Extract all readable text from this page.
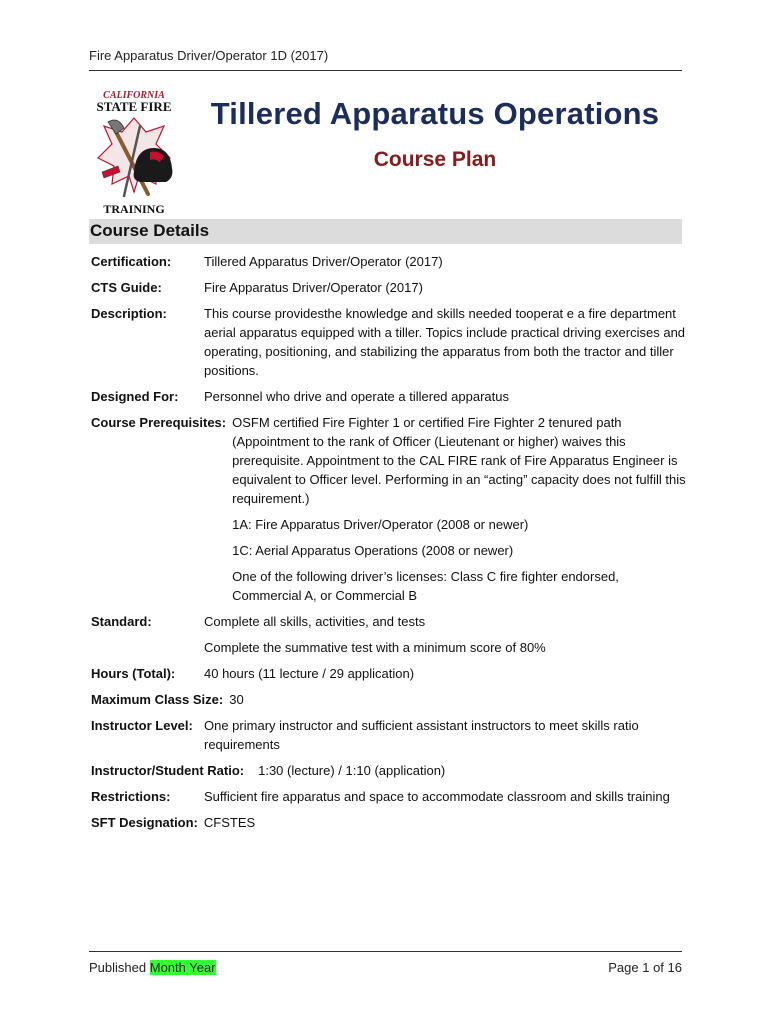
Fire Apparatus Driver/Operator 1D (2017)
CALIFORNIA
STATE FIRE
TRAINING
Tillered Apparatus Operations
Course Plan
Course Details
Certification:	Tillered Apparatus Driver/Operator (2017)
CTS Guide:	Fire Apparatus Driver/Operator (2017)
Description:	This course providesthe knowledge and skills needed tooperat e a fire department aerial apparatus equipped with a tiller. Topics include practical driving exercises and operating, positioning, and stabilizing the apparatus from both the tractor and tiller positions.
Designed For:	Personnel who drive and operate a tillered apparatus
Course Prerequisites: OSFM certified Fire Fighter 1 or certified Fire Fighter 2 tenured path (Appointment to the rank of Officer (Lieutenant or higher) waives this prerequisite. Appointment to the CAL FIRE rank of Fire Apparatus Engineer is equivalent to Officer level. Performing in an “acting” capacity does not fulfill this requirement.)

1A: Fire Apparatus Driver/Operator (2008 or newer)

1C: Aerial Apparatus Operations (2008 or newer)

One of the following driver’s licenses: Class C fire fighter endorsed, Commercial A, or Commercial B

Standard:	Complete all skills, activities, and tests

Complete the summative test with a minimum score of 80%

Hours (Total):	40 hours (11 lecture / 29 application)
Maximum Class Size: 30
Instructor Level: One primary instructor and sufficient assistant instructors to meet skills ratio requirements
Instructor/Student Ratio: 1:30 (lecture) / 1:10 (application)
Restrictions:	Sufficient fire apparatus and space to accommodate classroom and skills training
SFT Designation: CFSTES
Published Month Year	Page 1 of 16
